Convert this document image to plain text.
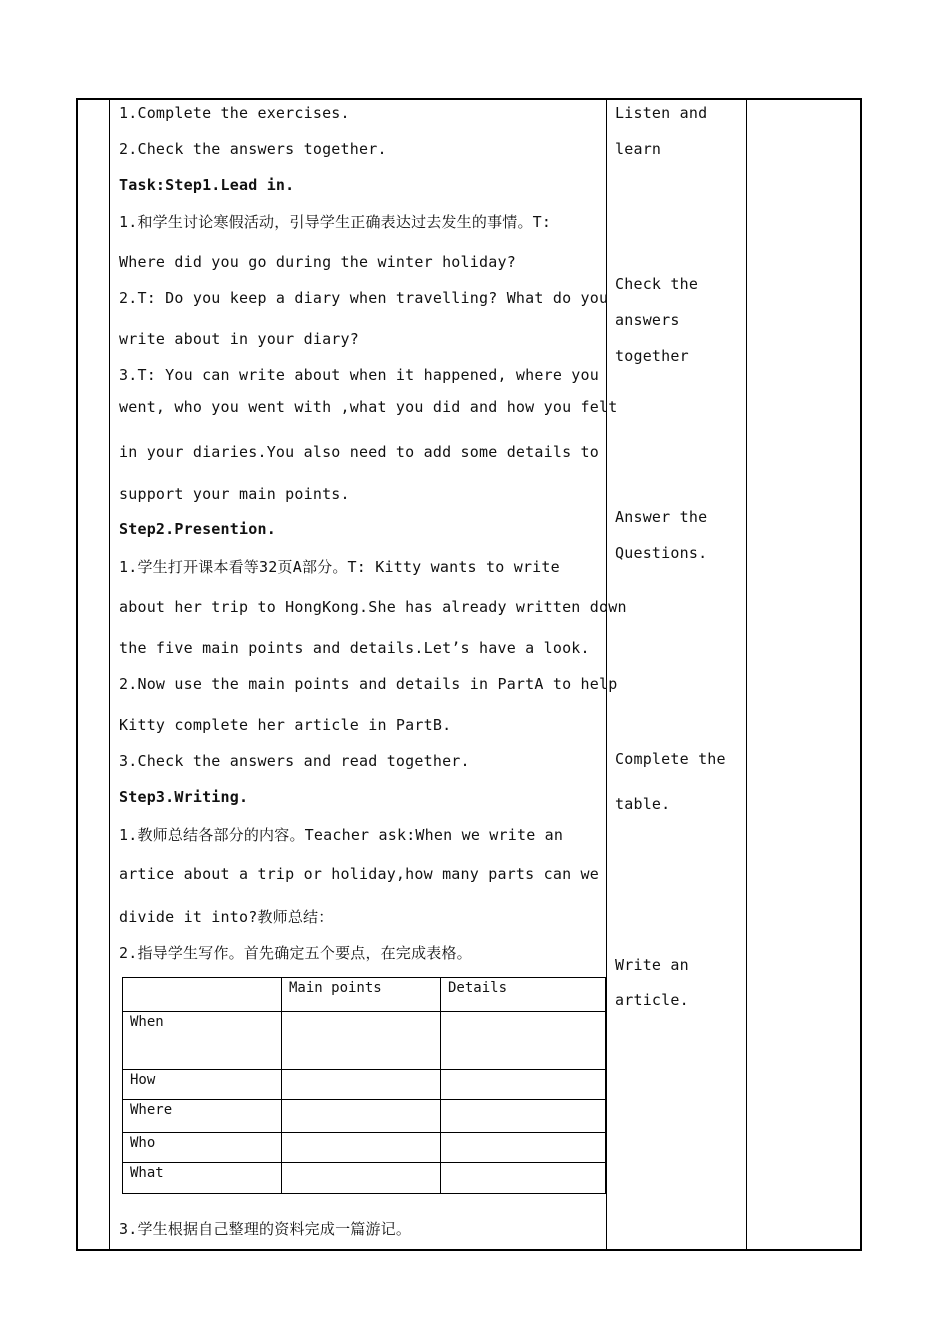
1.Complete the exercises.
2.Check the answers together.
Task:Step1.Lead in.
1.和学生讨论寒假活动，引导学生正确表达过去发生的事情。T:
Where did you go during the winter holiday?
2.T: Do you keep a diary when travelling? What do you
write about in your diary?
3.T: You can write about when it happened, where you
went, who you went with ,what you did and how you felt
in your diaries.You also need to add some details to
support your main points.
Step2.Presention.
1.学生打开课本看等32页A部分。T: Kitty wants to write
about her trip to HongKong.She has already written down
the five main points and details.Let’s have a look.
2.Now use the main points and details in PartA to help
Kitty complete her article in PartB.
3.Check the answers and read together.
Step3.Writing.
1.教师总结各部分的内容。Teacher ask:When we write an
artice about a trip or holiday,how many parts can we
divide it into?教师总结：
2.指导学生写作。首先确定五个要点，在完成表格。
3.学生根据自己整理的资料完成一篇游记。
	Main points	Details
When		
How		
Where		
Who		
What		
Listen and
learn
Check the
answers
together
Answer the
Questions.
Complete the
table.
Write an
article.
